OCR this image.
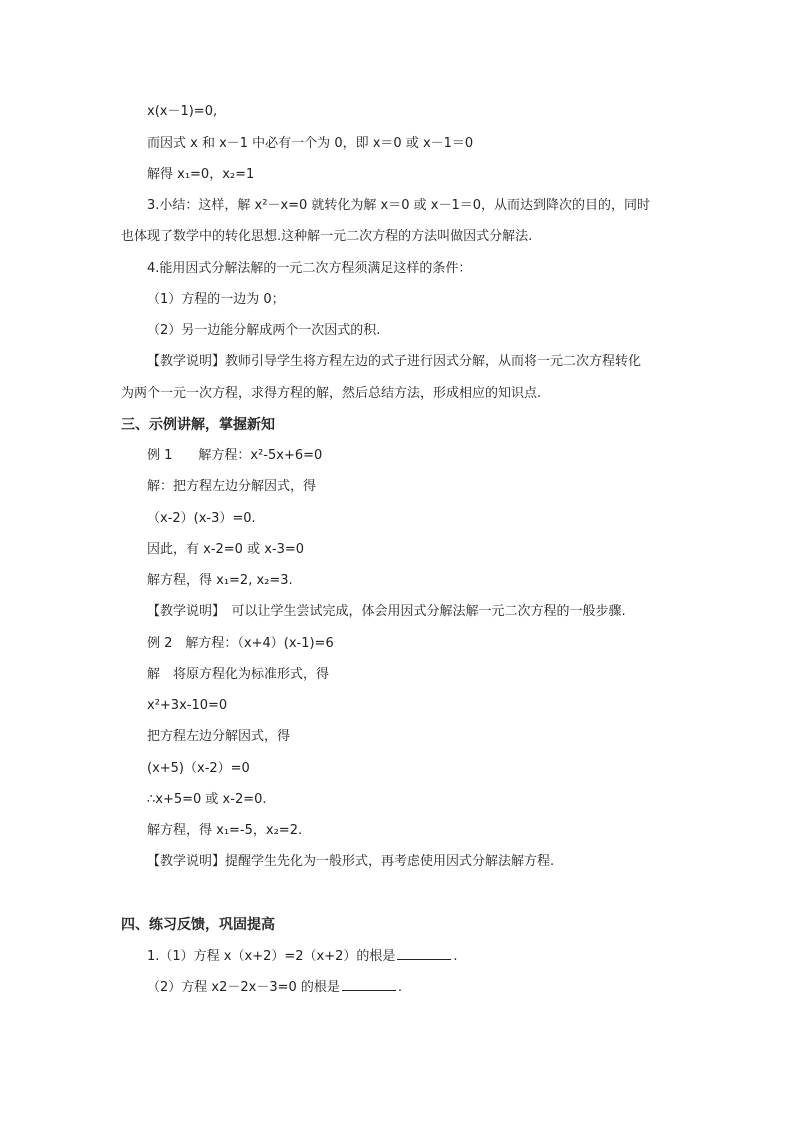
x(x－1)=0,
而因式 x 和 x－1 中必有一个为 0，即 x＝0 或 x－1＝0
解得 x₁=0，x₂=1
3.小结：这样，解 x²－x=0 就转化为解 x＝0 或 x－1＝0，从而达到降次的目的，同时
也体现了数学中的转化思想.这种解一元二次方程的方法叫做因式分解法.
4.能用因式分解法解的一元二次方程须满足这样的条件：
（1）方程的一边为 0；
（2）另一边能分解成两个一次因式的积.
【教学说明】教师引导学生将方程左边的式子进行因式分解，从而将一元二次方程转化
为两个一元一次方程，求得方程的解，然后总结方法，形成相应的知识点.
三、示例讲解，掌握新知
例 1　　解方程：x²-5x+6=0
解：把方程左边分解因式，得
（x-2）(x-3）=0.
因此，有 x-2=0 或 x-3=0
解方程，得 x₁=2, x₂=3.
【教学说明】　可以让学生尝试完成，体会用因式分解法解一元二次方程的一般步骤.
例 2　解方程：（x+4）(x-1)=6
解　将原方程化为标准形式，得
x²+3x-10=0
把方程左边分解因式，得
(x+5)（x-2）=0
∴x+5=0 或 x-2=0.
解方程，得 x₁=-5，x₂=2.
【教学说明】提醒学生先化为一般形式，再考虑使用因式分解法解方程.
四、练习反馈，巩固提高
1.（1）方程 x（x+2）=2（x+2）的根是	.
（2）方程 x2－2x－3=0 的根是	.
